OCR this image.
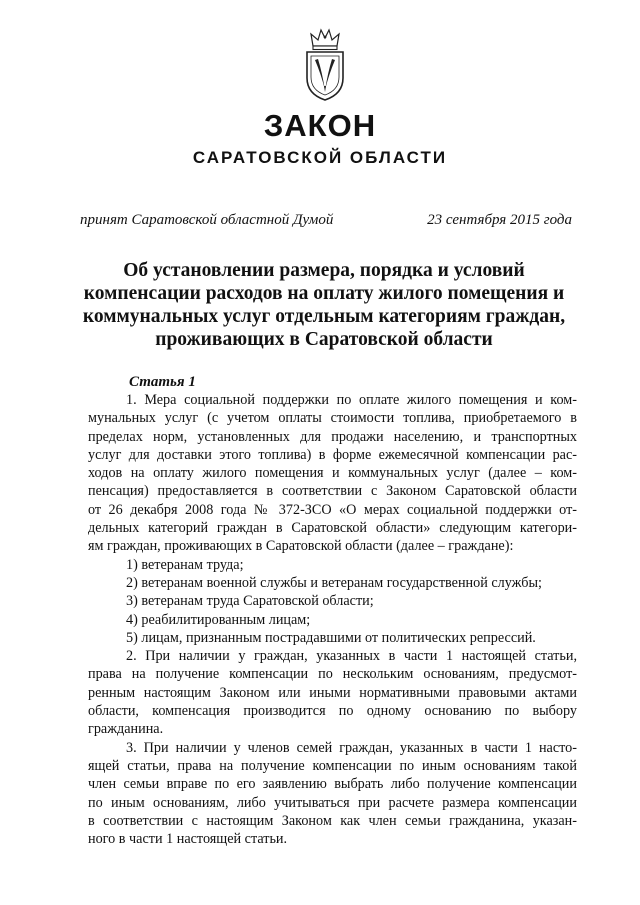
ЗАКОН
САРАТОВСКОЙ ОБЛАСТИ
принят Саратовской областной Думой	23 сентября 2015 года
Об установлении размера, порядка и условий
компенсации расходов на оплату жилого помещения и
коммунальных услуг отдельным категориям граждан,
проживающих в Саратовской области
Статья 1
1. Мера социальной поддержки по оплате жилого помещения и ком-
мунальных услуг (с учетом оплаты стоимости топлива, приобретаемого в
пределах норм, установленных для продажи населению, и транспортных
услуг для доставки этого топлива) в форме ежемесячной компенсации рас-
ходов на оплату жилого помещения и коммунальных услуг (далее – ком-
пенсация) предоставляется в соответствии с Законом Саратовской области
от 26 декабря 2008 года № 372-ЗСО «О мерах социальной поддержки от-
дельных категорий граждан в Саратовской области» следующим категори-
ям граждан, проживающих в Саратовской области (далее – граждане):
1) ветеранам труда;
2) ветеранам военной службы и ветеранам государственной службы;
3) ветеранам труда Саратовской области;
4) реабилитированным лицам;
5) лицам, признанным пострадавшими от политических репрессий.
2. При наличии у граждан, указанных в части 1 настоящей статьи,
права на получение компенсации по нескольким основаниям, предусмот-
ренным настоящим Законом или иными нормативными правовыми актами
области, компенсация производится по одному основанию по выбору
гражданина.
3. При наличии у членов семей граждан, указанных в части 1 насто-
ящей статьи, права на получение компенсации по иным основаниям такой
член семьи вправе по его заявлению выбрать либо получение компенсации
по иным основаниям, либо учитываться при расчете размера компенсации
в соответствии с настоящим Законом как член семьи гражданина, указан-
ного в части 1 настоящей статьи.
